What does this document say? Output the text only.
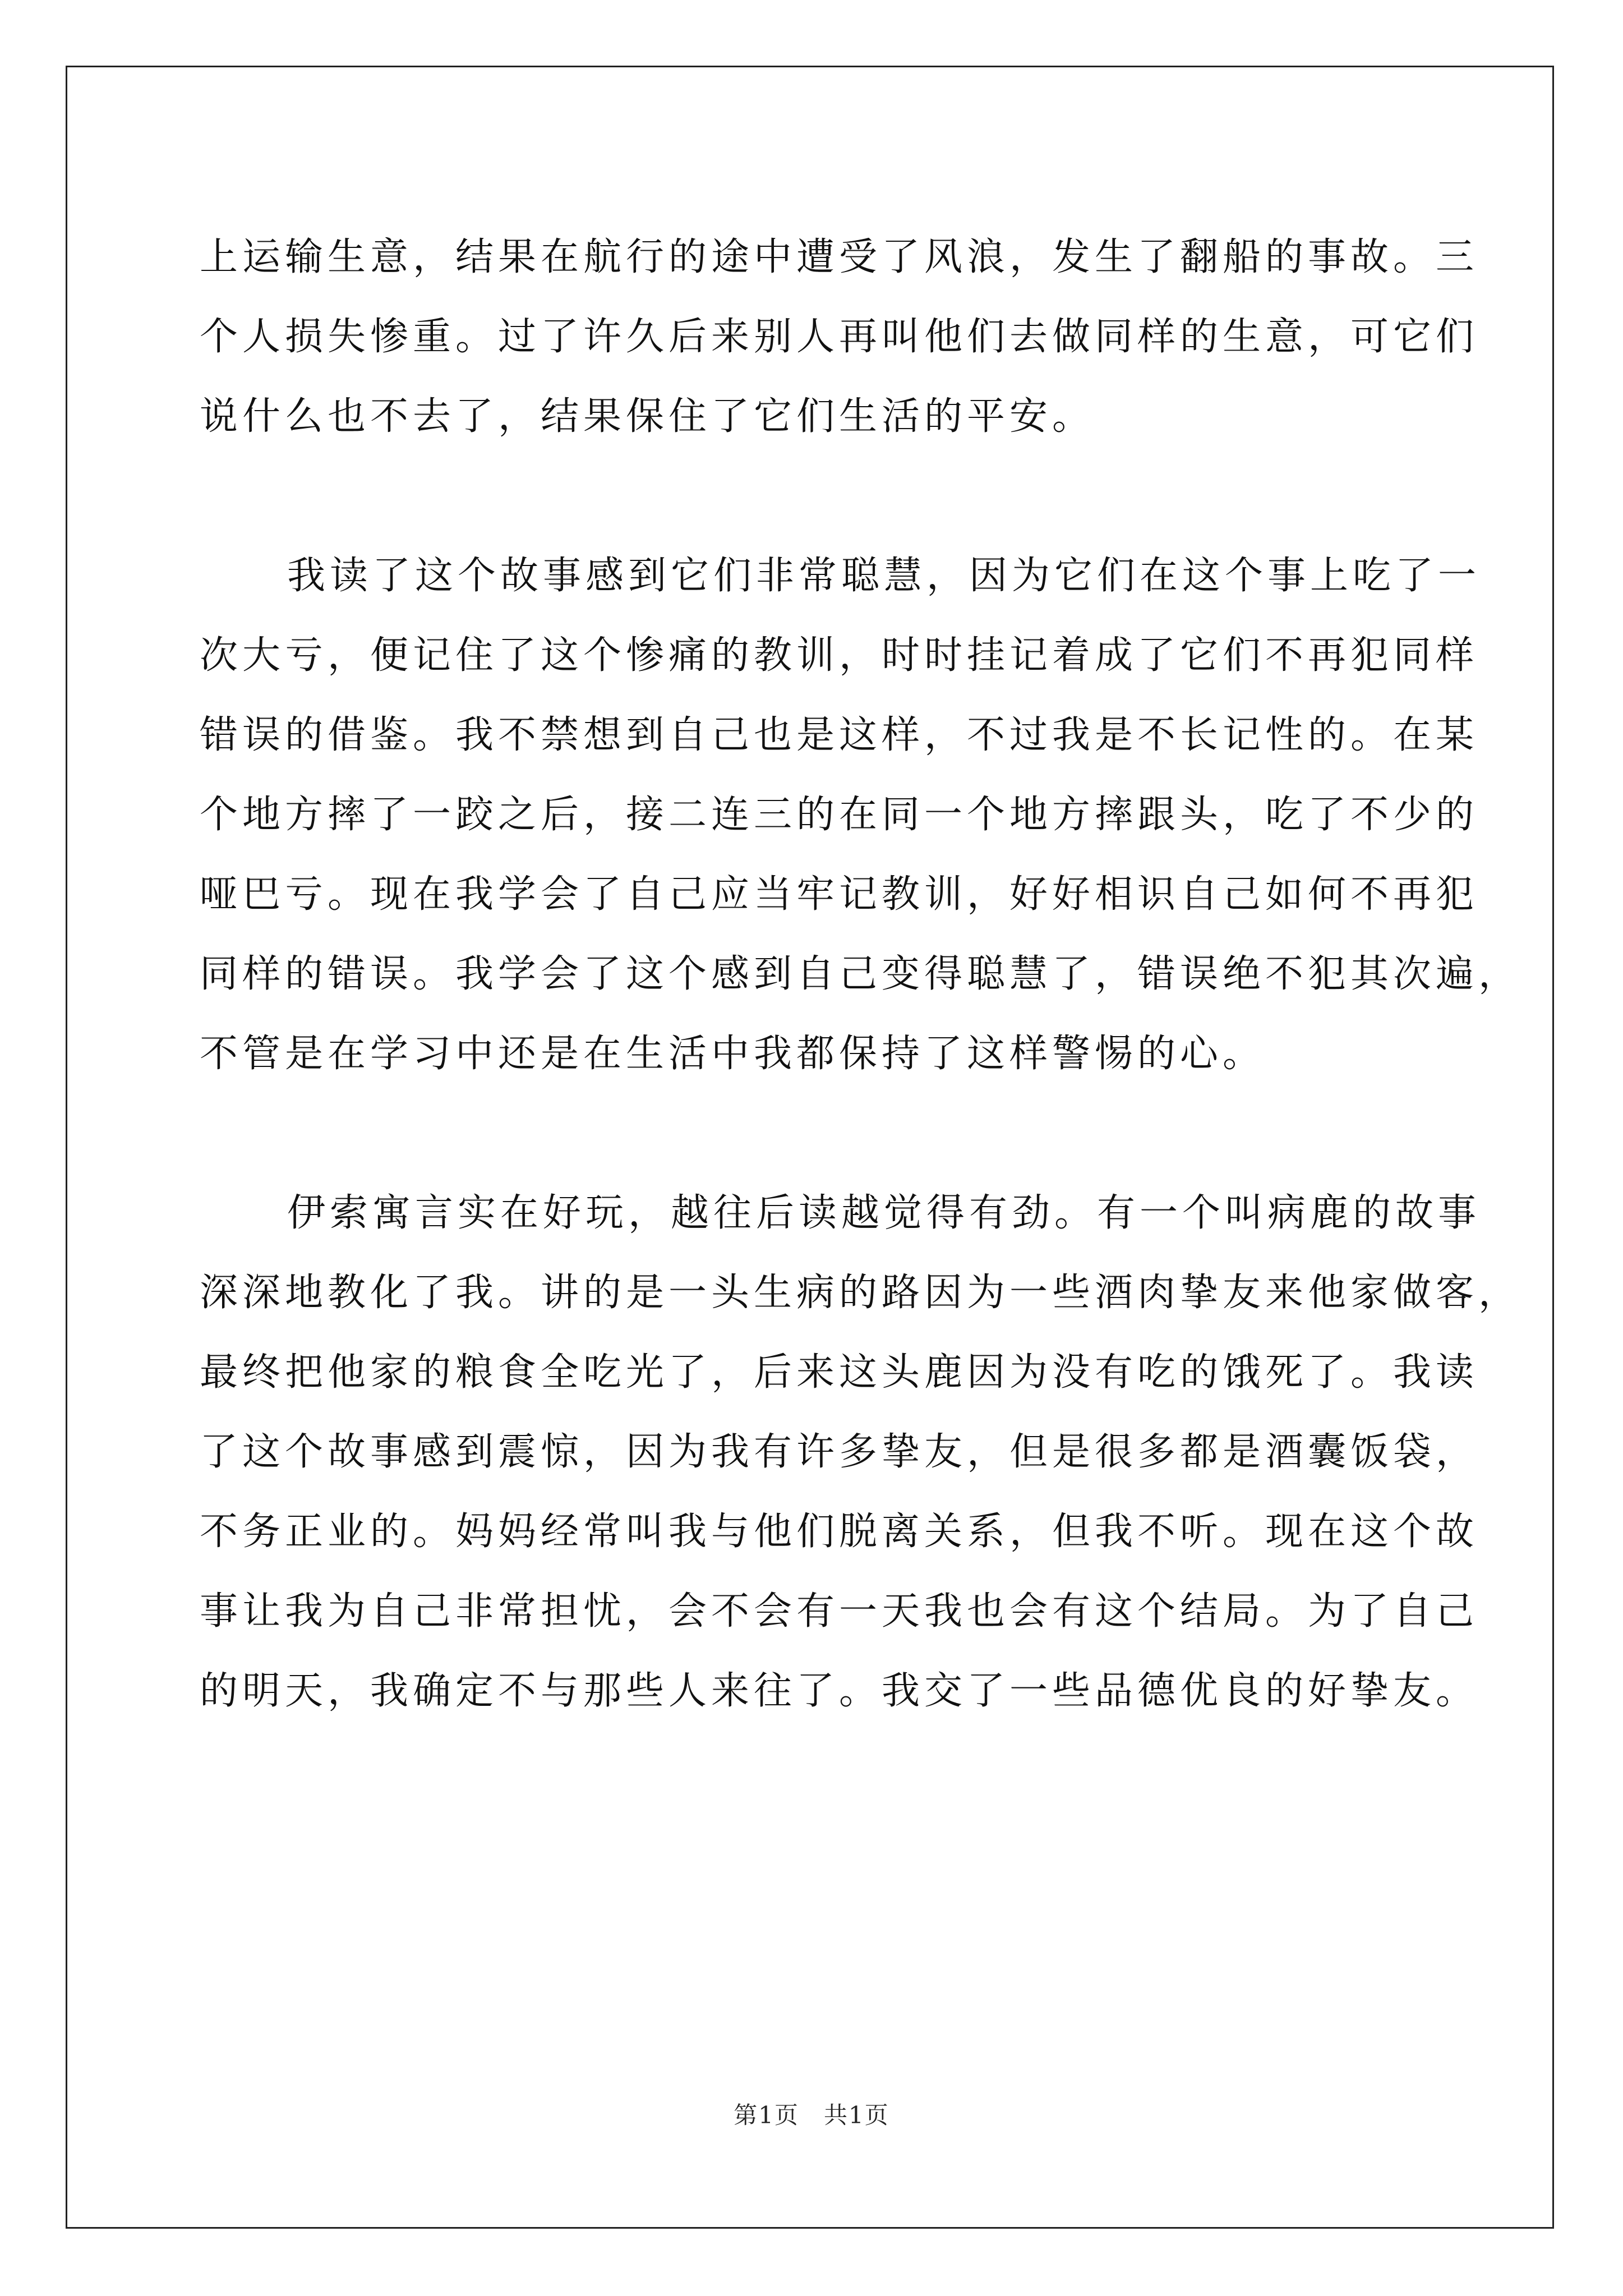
上运输生意，结果在航行的途中遭受了风浪，发生了翻船的事故。三
个人损失惨重。过了许久后来别人再叫他们去做同样的生意，可它们
说什么也不去了，结果保住了它们生活的平安。
我读了这个故事感到它们非常聪慧，因为它们在这个事上吃了一
次大亏，便记住了这个惨痛的教训，时时挂记着成了它们不再犯同样
错误的借鉴。我不禁想到自己也是这样，不过我是不长记性的。在某
个地方摔了一跤之后，接二连三的在同一个地方摔跟头，吃了不少的
哑巴亏。现在我学会了自己应当牢记教训，好好相识自己如何不再犯
同样的错误。我学会了这个感到自己变得聪慧了，错误绝不犯其次遍，
不管是在学习中还是在生活中我都保持了这样警惕的心。
伊索寓言实在好玩，越往后读越觉得有劲。有一个叫病鹿的故事
深深地教化了我。讲的是一头生病的路因为一些酒肉挚友来他家做客，
最终把他家的粮食全吃光了，后来这头鹿因为没有吃的饿死了。我读
了这个故事感到震惊，因为我有许多挚友，但是很多都是酒囊饭袋，
不务正业的。妈妈经常叫我与他们脱离关系，但我不听。现在这个故
事让我为自己非常担忧，会不会有一天我也会有这个结局。为了自己
的明天，我确定不与那些人来往了。我交了一些品德优良的好挚友。
第1页　共1页
